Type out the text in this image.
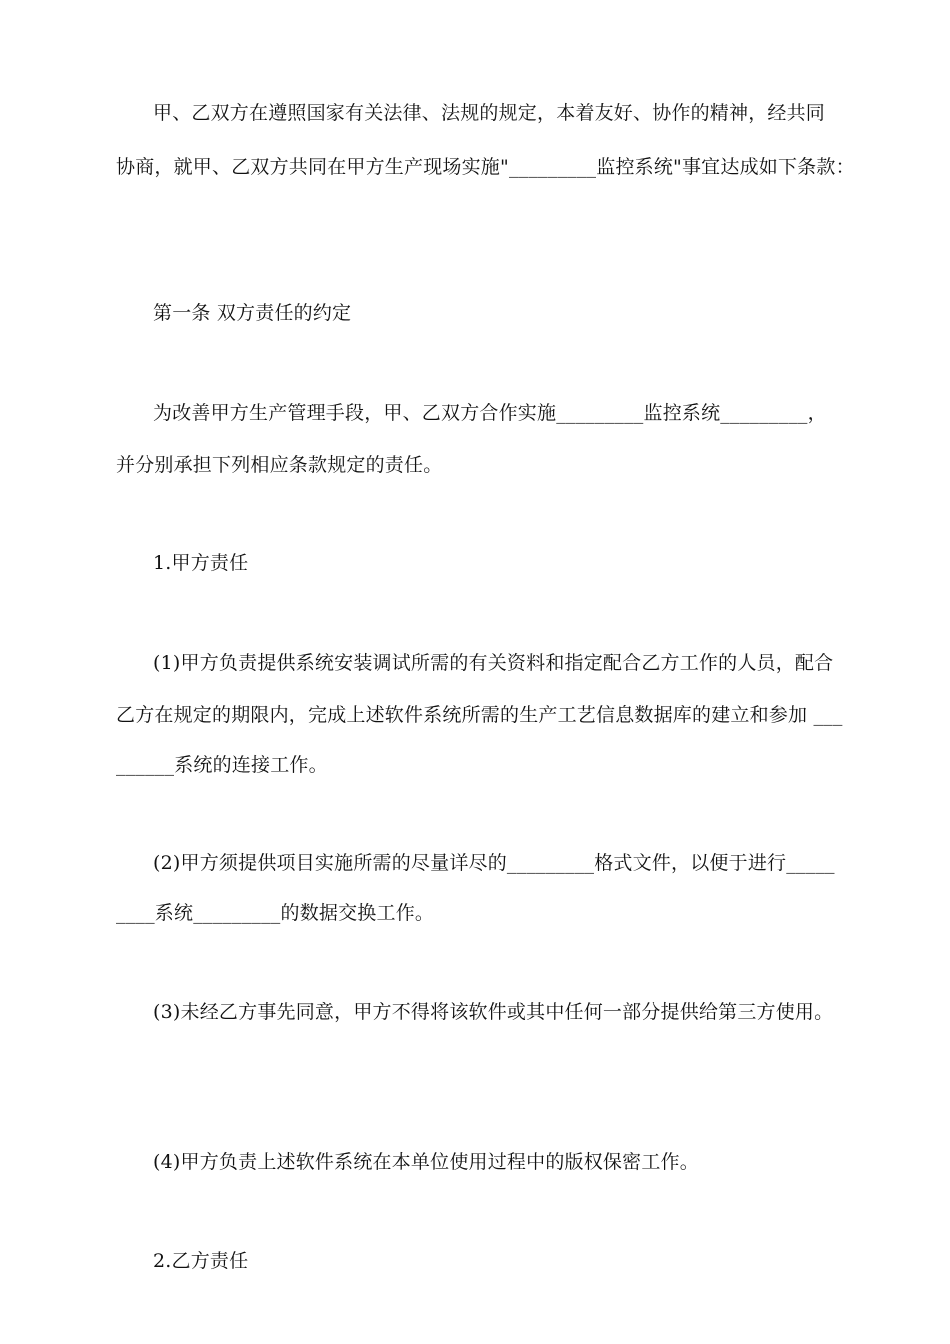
甲、乙双方在遵照国家有关法律、法规的规定，本着友好、协作的精神，经共同
协商，就甲、乙双方共同在甲方生产现场实施"_________监控系统"事宜达成如下条款：
第一条 双方责任的约定
为改善甲方生产管理手段，甲、乙双方合作实施_________监控系统_________，
并分别承担下列相应条款规定的责任。
1.甲方责任
(1)甲方负责提供系统安装调试所需的有关资料和指定配合乙方工作的人员，配合
乙方在规定的期限内，完成上述软件系统所需的生产工艺信息数据库的建立和参加 ___
______系统的连接工作。
(2)甲方须提供项目实施所需的尽量详尽的_________格式文件，以便于进行_____
____系统_________的数据交换工作。
(3)未经乙方事先同意，甲方不得将该软件或其中任何一部分提供给第三方使用。
(4)甲方负责上述软件系统在本单位使用过程中的版权保密工作。
2.乙方责任
